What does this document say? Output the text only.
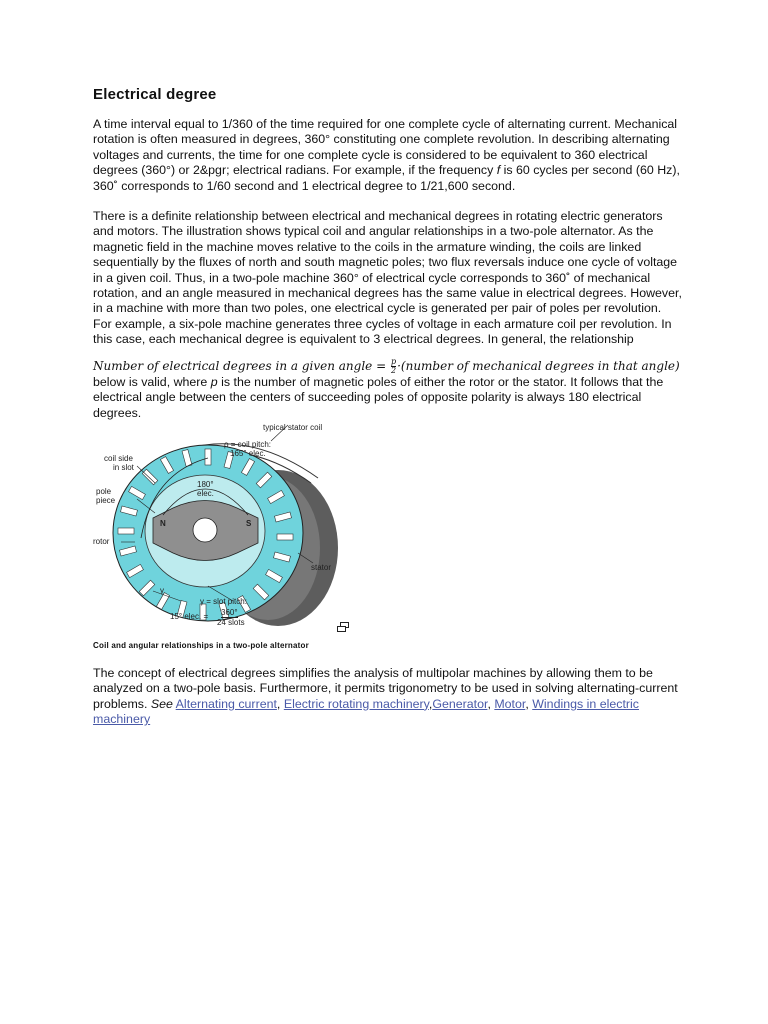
Electrical degree

A time interval equal to 1/360 of the time required for one complete cycle of alternating current. Mechanical rotation is often measured in degrees, 360° constituting one complete revolution. In describing alternating voltages and currents, the time for one complete cycle is considered to be equivalent to 360 electrical degrees (360°) or 2&pgr; electrical radians. For example, if the frequency f is 60 cycles per second (60 Hz), 360˚ corresponds to 1/60 second and 1 electrical degree to 1/21,600 second.

There is a definite relationship between electrical and mechanical degrees in rotating electric generators and motors. The illustration shows typical coil and angular relationships in a two-pole alternator. As the magnetic field in the machine moves relative to the coils in the armature winding, the coils are linked sequentially by the fluxes of north and south magnetic poles; two flux reversals induce one cycle of voltage in a given coil. Thus, in a two-pole machine 360° of electrical cycle corresponds to 360˚ of mechanical rotation, and an angle measured in mechanical degrees has the same value in electrical degrees. However, in a machine with more than two poles, one electrical cycle is generated per pair of poles per revolution. For example, a six-pole machine generates three cycles of voltage in each armature coil per revolution. In this case, each mechanical degree is equivalent to 3 electrical degrees. In general, the relationship

Number of electrical degrees in a given angle = $\frac{p}{2}$ ·(number of mechanical degrees in that angle)

below is valid, where p is the number of magnetic poles of either the rotor or the stator. It follows that the electrical angle between the centers of succeeding poles of opposite polarity is always 180 electrical degrees.

typical stator coil
ρ = coil pitch:
165° elec.
coil side
in slot
180°
elec.
pole
piece
N	S
rotor
stator
γ
γ = slot pitch:
15° elec. = 360°
24 slots
Coil and angular relationships in a two-pole alternator

The concept of electrical degrees simplifies the analysis of multipolar machines by allowing them to be analyzed on a two-pole basis. Furthermore, it permits trigonometry to be used in solving alternating-current problems. See Alternating current, Electric rotating machinery,Generator, Motor, Windings in electric machinery
